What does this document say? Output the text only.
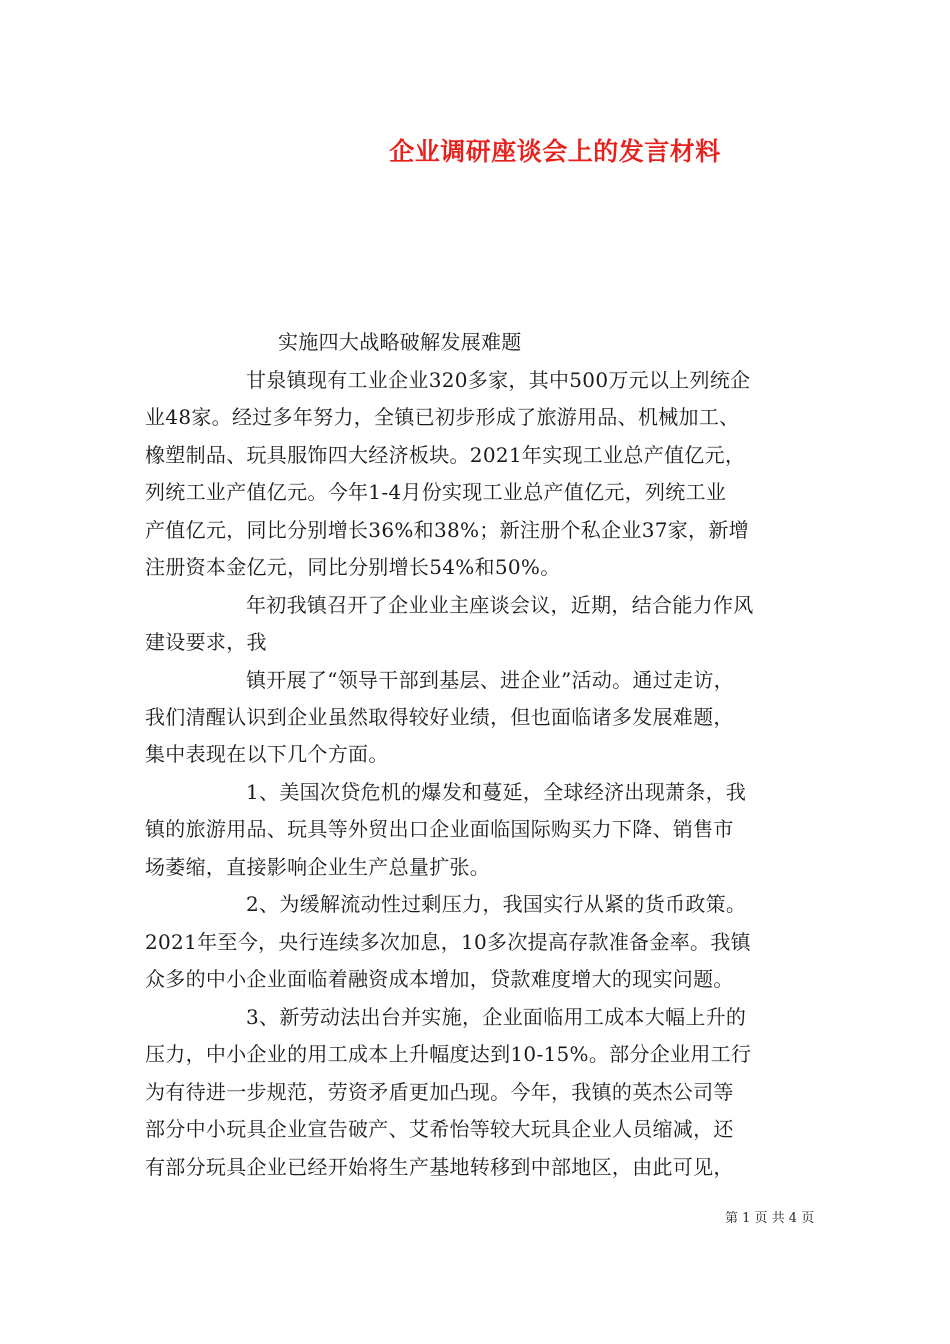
企业调研座谈会上的发言材料
实施四大战略破解发展难题
甘泉镇现有工业企业320多家，其中500万元以上列统企
业48家。经过多年努力，全镇已初步形成了旅游用品、机械加工、
橡塑制品、玩具服饰四大经济板块。2021年实现工业总产值亿元，
列统工业产值亿元。今年1-4月份实现工业总产值亿元，列统工业
产值亿元，同比分别增长36%和38%；新注册个私企业37家，新增
注册资本金亿元，同比分别增长54%和50%。
年初我镇召开了企业业主座谈会议，近期，结合能力作风
建设要求，我
镇开展了“领导干部到基层、进企业”活动。通过走访，
我们清醒认识到企业虽然取得较好业绩，但也面临诸多发展难题，
集中表现在以下几个方面。
1、美国次贷危机的爆发和蔓延，全球经济出现萧条，我
镇的旅游用品、玩具等外贸出口企业面临国际购买力下降、销售市
场萎缩，直接影响企业生产总量扩张。
2、为缓解流动性过剩压力，我国实行从紧的货币政策。
2021年至今，央行连续多次加息，10多次提高存款准备金率。我镇
众多的中小企业面临着融资成本增加，贷款难度增大的现实问题。
3、新劳动法出台并实施，企业面临用工成本大幅上升的
压力，中小企业的用工成本上升幅度达到10-15%。部分企业用工行
为有待进一步规范，劳资矛盾更加凸现。今年，我镇的英杰公司等
部分中小玩具企业宣告破产、艾希怡等较大玩具企业人员缩减，还
有部分玩具企业已经开始将生产基地转移到中部地区，由此可见，
第 1 页 共 4 页
